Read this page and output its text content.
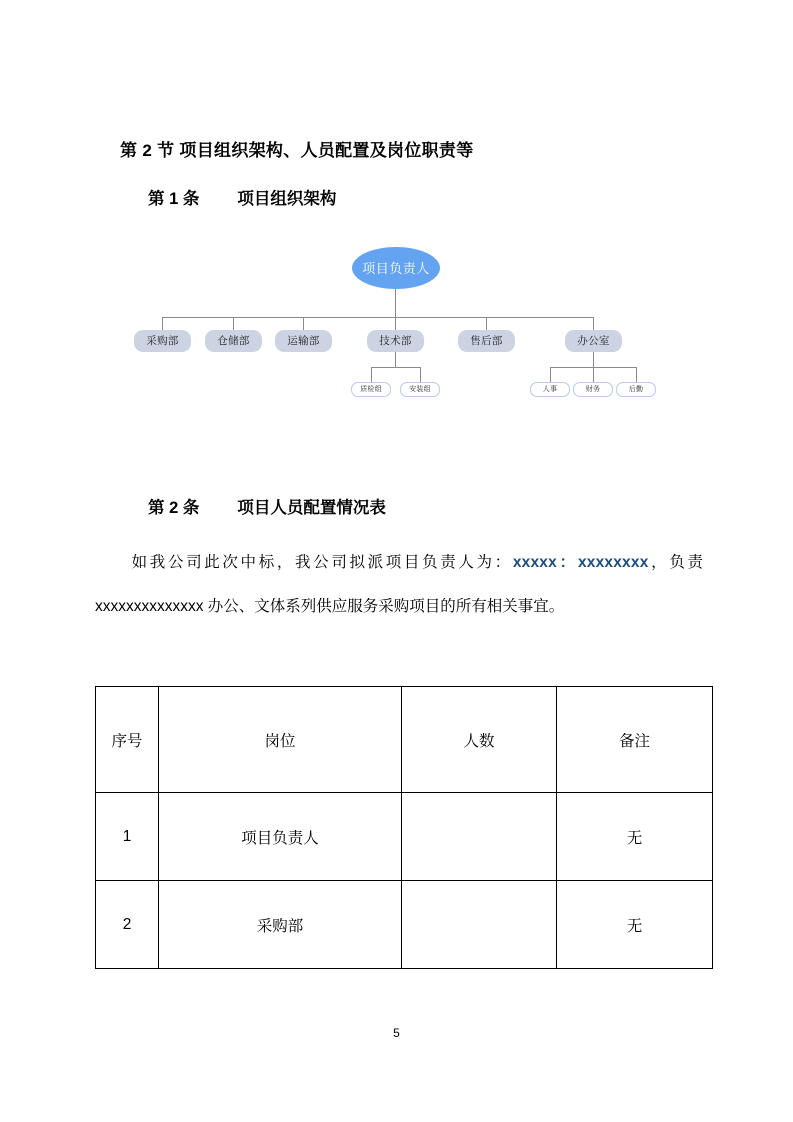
第 2 节 项目组织架构、人员配置及岗位职责等
第 1 条 项目组织架构
项目负责人
采购部	仓储部	运输部	技术部	售后部	办公室
质检组	安装组	人事	财务	后勤
第 2 条 项目人员配置情况表
如我公司此次中标，我公司拟派项目负责人为：xxxxx：xxxxxxxx，负责 xxxxxxxxxxxxxx 办公、文体系列供应服务采购项目的所有相关事宜。
序号	岗位	人数	备注
1	项目负责人		无
2	采购部		无
5
